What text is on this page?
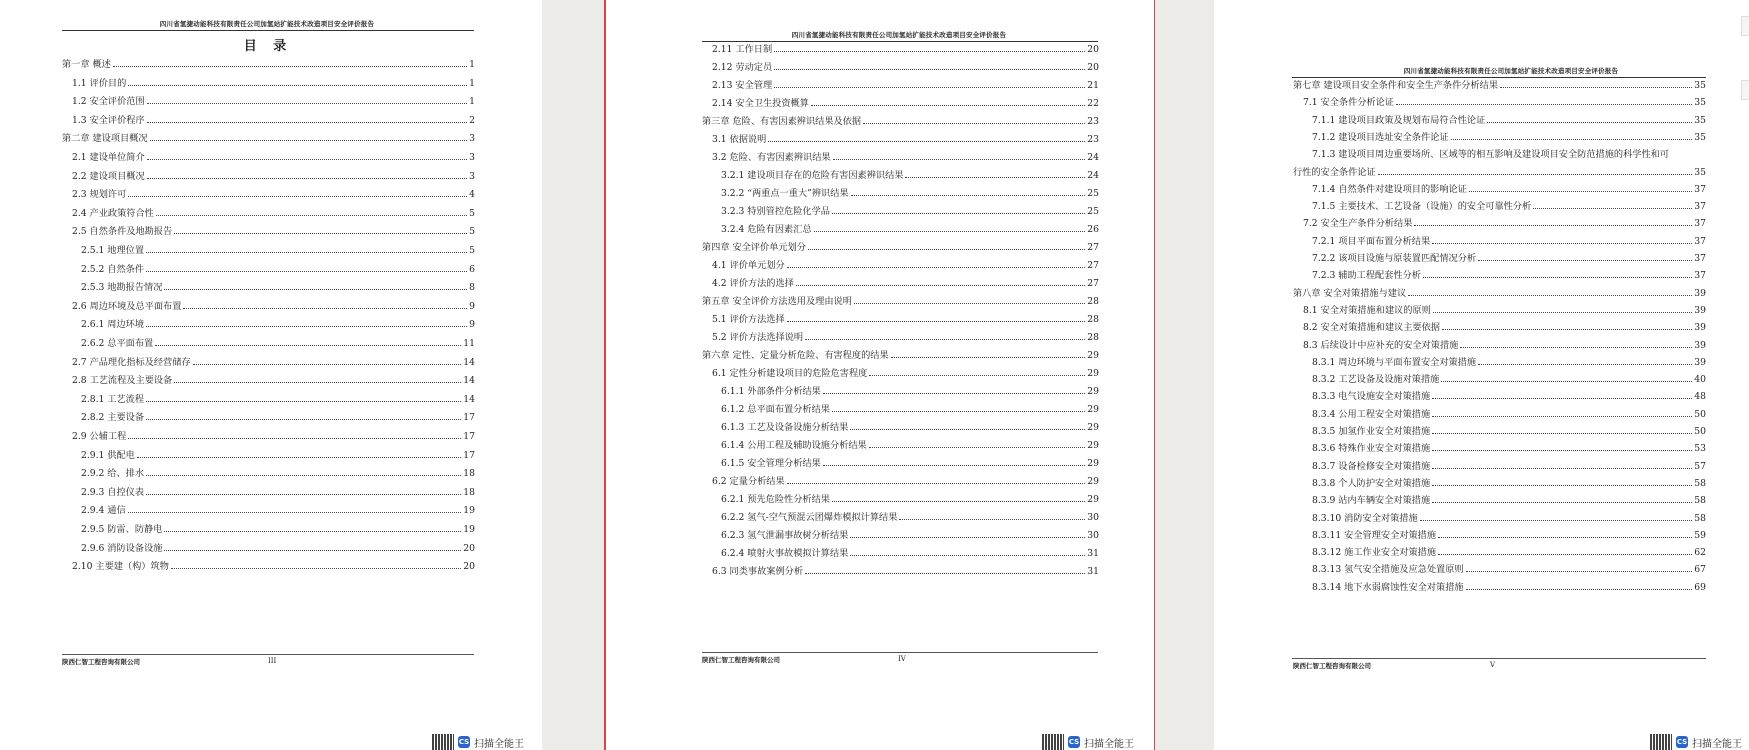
四川省氢捷动能科技有限责任公司加氢站扩能技术改造项目安全评价报告
目 录
第一章 概述	1
1.1 评价目的	1
1.2 安全评价范围	1
1.3 安全评价程序	2
第二章 建设项目概况	3
2.1 建设单位简介	3
2.2 建设项目概况	3
2.3 规划许可	4
2.4 产业政策符合性	5
2.5 自然条件及地勘报告	5
2.5.1 地理位置	5
2.5.2 自然条件	6
2.5.3 地勘报告情况	8
2.6 周边环境及总平面布置	9
2.6.1 周边环境	9
2.6.2 总平面布置	11
2.7 产品理化指标及经营储存	14
2.8 工艺流程及主要设备	14
2.8.1 工艺流程	14
2.8.2 主要设备	17
2.9 公辅工程	17
2.9.1 供配电	17
2.9.2 给、排水	18
2.9.3 自控仪表	18
2.9.4 通信	19
2.9.5 防雷、防静电	19
2.9.6 消防设备设施	20
2.10 主要建（构）筑物	20
陕西仁智工程咨询有限公司	III
CS 扫描全能王
四川省氢捷动能科技有限责任公司加氢站扩能技术改造项目安全评价报告
2.11 工作日制	20
2.12 劳动定员	20
2.13 安全管理	21
2.14 安全卫生投资概算	22
第三章 危险、有害因素辨识结果及依据	23
3.1 依据说明	23
3.2 危险、有害因素辨识结果	24
3.2.1 建设项目存在的危险有害因素辨识结果	24
3.2.2 “两重点一重大”辨识结果	25
3.2.3 特别管控危险化学品	25
3.2.4 危险有因素汇总	26
第四章 安全评价单元划分	27
4.1 评价单元划分	27
4.2 评价方法的选择	27
第五章 安全评价方法选用及理由说明	28
5.1 评价方法选择	28
5.2 评价方法选择说明	28
第六章 定性、定量分析危险、有害程度的结果	29
6.1 定性分析建设项目的危险危害程度	29
6.1.1 外部条件分析结果	29
6.1.2 总平面布置分析结果	29
6.1.3 工艺及设备设施分析结果	29
6.1.4 公用工程及辅助设施分析结果	29
6.1.5 安全管理分析结果	29
6.2 定量分析结果	29
6.2.1 预先危险性分析结果	29
6.2.2 氢气-空气预混云团爆炸模拟计算结果	30
6.2.3 氢气泄漏事故树分析结果	30
6.2.4 喷射火事故模拟计算结果	31
6.3 同类事故案例分析	31
陕西仁智工程咨询有限公司	IV
CS 扫描全能王
四川省氢捷动能科技有限责任公司加氢站扩能技术改造项目安全评价报告
第七章 建设项目安全条件和安全生产条件分析结果	35
7.1 安全条件分析论证	35
7.1.1 建设项目政策及规划布局符合性论证	35
7.1.2 建设项目选址安全条件论证	35
7.1.3 建设项目周边重要场所、区域等的相互影响及建设项目安全防范措施的科学性和可
行性的安全条件论证	35
7.1.4 自然条件对建设项目的影响论证	37
7.1.5 主要技术、工艺设备（设施）的安全可靠性分析	37
7.2 安全生产条件分析结果	37
7.2.1 项目平面布置分析结果	37
7.2.2 该项目设施与原装置匹配情况分析	37
7.2.3 辅助工程配套性分析	37
第八章 安全对策措施与建议	39
8.1 安全对策措施和建议的原则	39
8.2 安全对策措施和建议主要依据	39
8.3 后续设计中应补充的安全对策措施	39
8.3.1 周边环境与平面布置安全对策措施	39
8.3.2 工艺设备及设施对策措施	40
8.3.3 电气设施安全对策措施	48
8.3.4 公用工程安全对策措施	50
8.3.5 加氢作业安全对策措施	50
8.3.6 特殊作业安全对策措施	53
8.3.7 设备检修安全对策措施	57
8.3.8 个人防护安全对策措施	58
8.3.9 站内车辆安全对策措施	58
8.3.10 消防安全对策措施	58
8.3.11 安全管理安全对策措施	59
8.3.12 施工作业安全对策措施	62
8.3.13 氢气安全措施及应急处置原则	67
8.3.14 地下水弱腐蚀性安全对策措施	69
陕西仁智工程咨询有限公司	V
CS 扫描全能王
